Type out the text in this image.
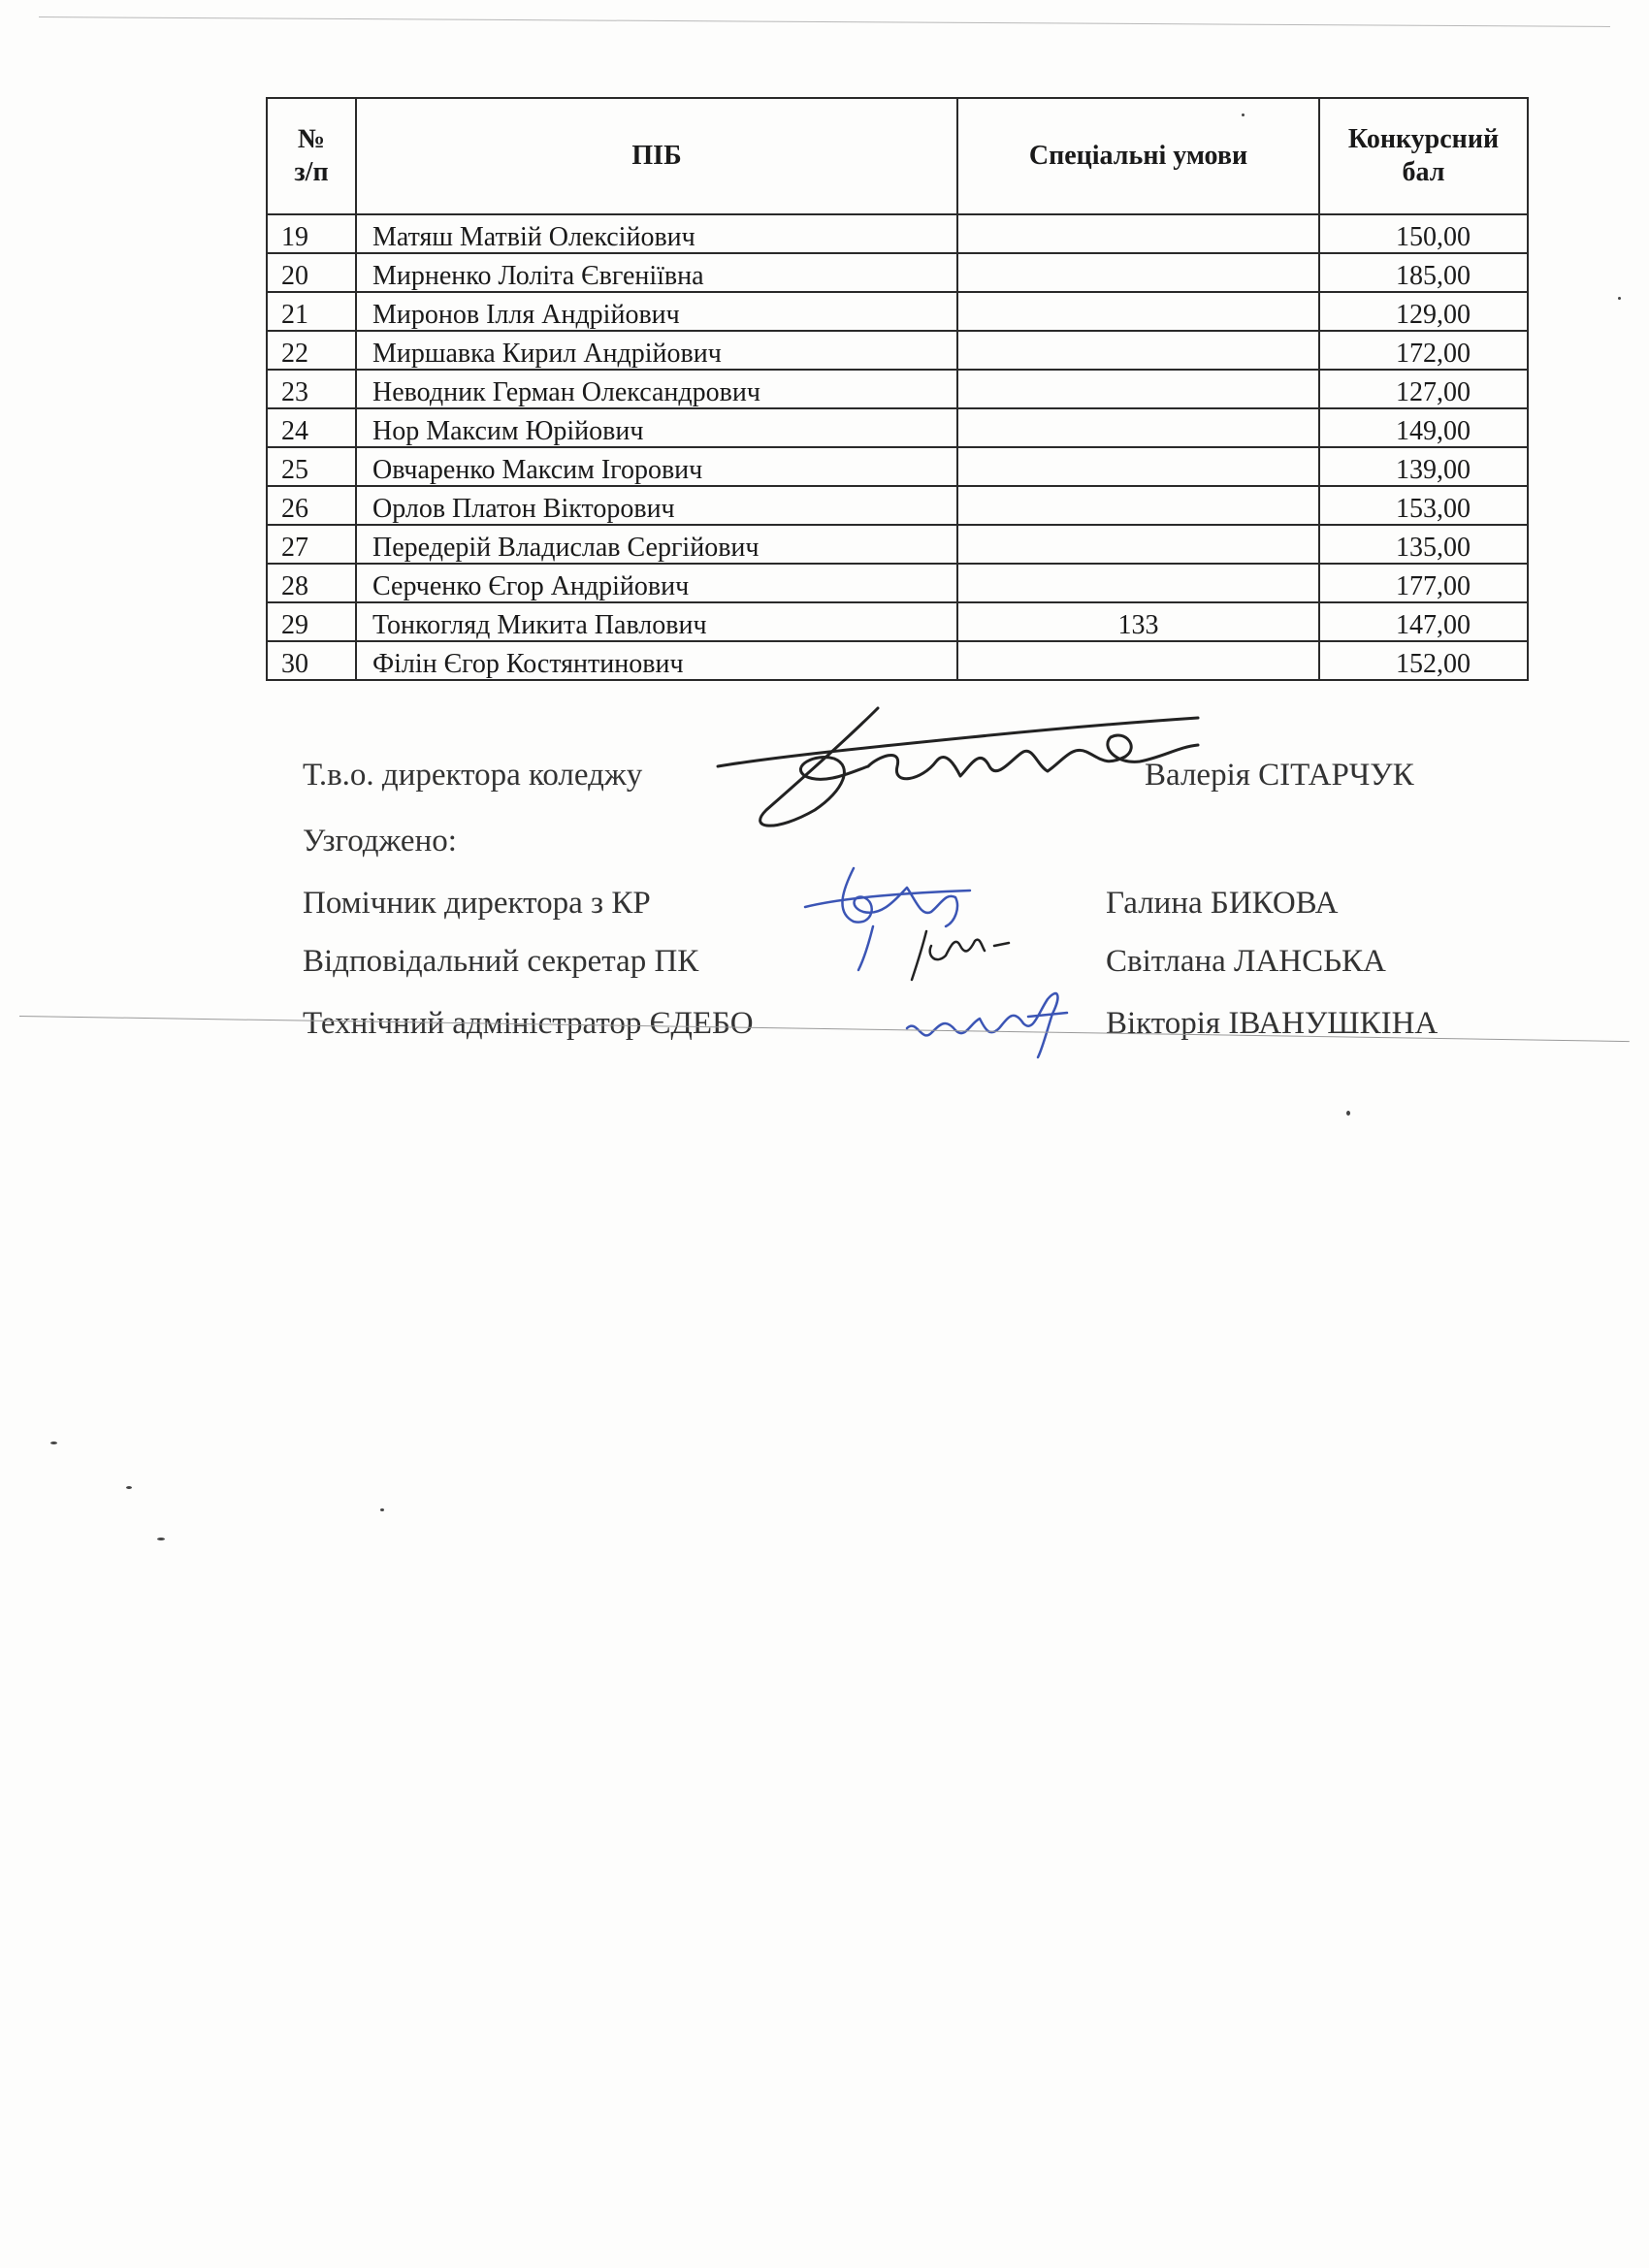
№
з/п	ПІБ	Спеціальні умови	Конкурсний
бал
19	Матяш Матвій Олексійович		150,00
20	Мирненко Лоліта Євгеніївна		185,00
21	Миронов Ілля Андрійович		129,00
22	Миршавка Кирил Андрійович		172,00
23	Неводник Герман Олександрович		127,00
24	Нор Максим Юрійович		149,00
25	Овчаренко Максим Ігорович		139,00
26	Орлов Платон Вікторович		153,00
27	Передерій Владислав Сергійович		135,00
28	Серченко Єгор Андрійович		177,00
29	Тонкогляд Микита Павлович	133	147,00
30	Філін Єгор Костянтинович		152,00
Т.в.о. директора коледжу	Валерія СІТАРЧУК
Узгоджено:
Помічник директора з КР	Галина БИКОВА
Відповідальний секретар ПК	Світлана ЛАНСЬКА
Технічний адміністратор ЄДЕБО	Вікторія ІВАНУШКІНА
